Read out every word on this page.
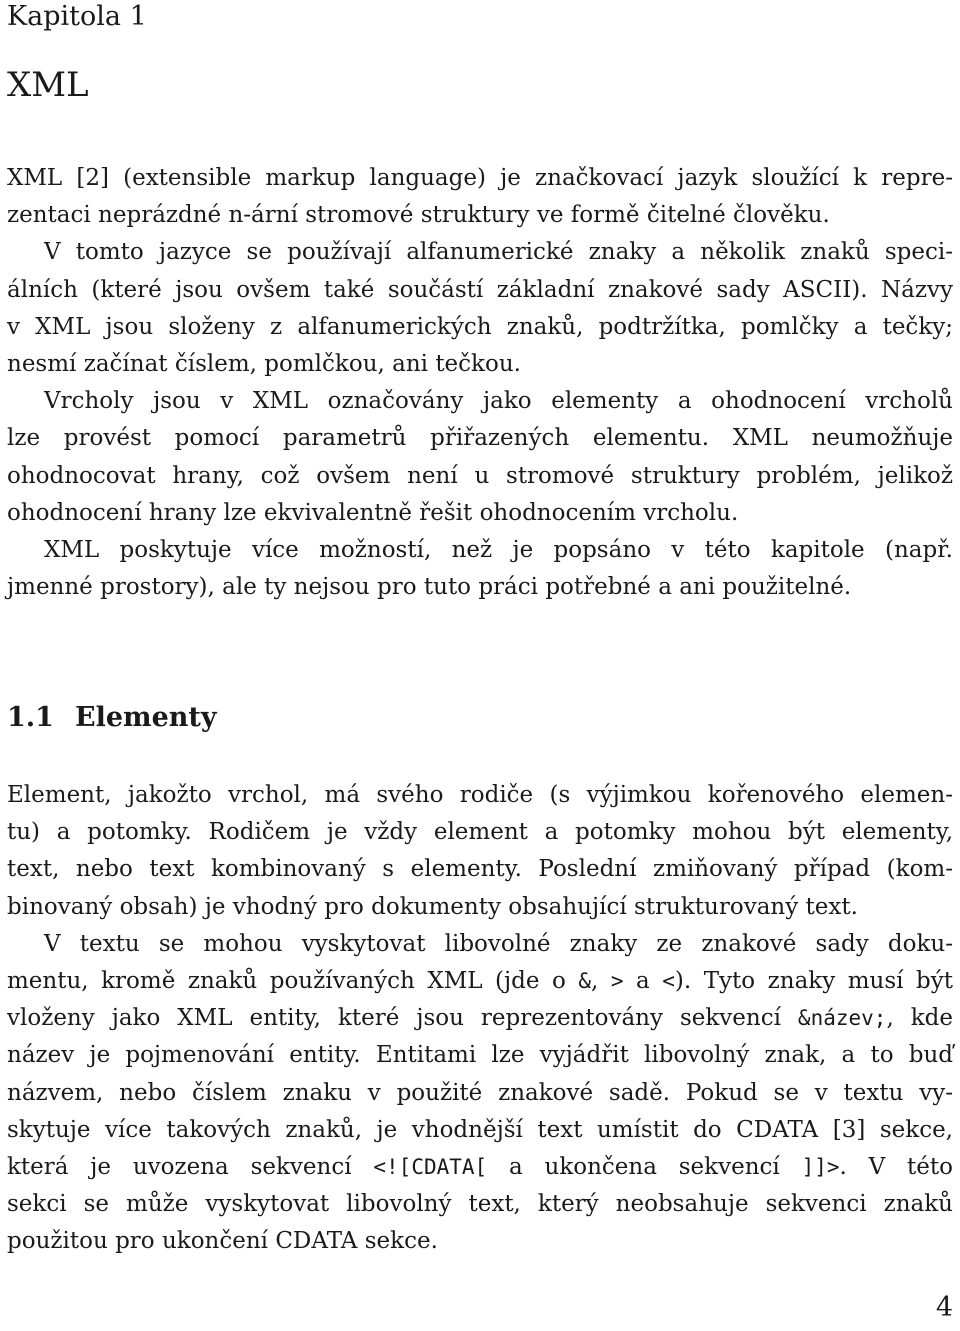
Kapitola 1
XML
XML [2] (extensible markup language) je značkovací jazyk sloužící k repre-
zentaci neprázdné n-ární stromové struktury ve formě čitelné člověku.
V tomto jazyce se používají alfanumerické znaky a několik znaků speci-
álních (které jsou ovšem také součástí základní znakové sady ASCII). Názvy
v XML jsou složeny z alfanumerických znaků, podtržítka, pomlčky a tečky;
nesmí začínat číslem, pomlčkou, ani tečkou.
Vrcholy jsou v XML označovány jako elementy a ohodnocení vrcholů
lze provést pomocí parametrů přiřazených elementu. XML neumožňuje
ohodnocovat hrany, což ovšem není u stromové struktury problém, jelikož
ohodnocení hrany lze ekvivalentně řešit ohodnocením vrcholu.
XML poskytuje více možností, než je popsáno v této kapitole (např.
jmenné prostory), ale ty nejsou pro tuto práci potřebné a ani použitelné.
1.1 Elementy
Element, jakožto vrchol, má svého rodiče (s výjimkou kořenového elemen-
tu) a potomky. Rodičem je vždy element a potomky mohou být elementy,
text, nebo text kombinovaný s elementy. Poslední zmiňovaný případ (kom-
binovaný obsah) je vhodný pro dokumenty obsahující strukturovaný text.
V textu se mohou vyskytovat libovolné znaky ze znakové sady doku-
mentu, kromě znaků používaných XML (jde o &, > a <). Tyto znaky musí být
vloženy jako XML entity, které jsou reprezentovány sekvencí &název;, kde
název je pojmenování entity. Entitami lze vyjádřit libovolný znak, a to buď
názvem, nebo číslem znaku v použité znakové sadě. Pokud se v textu vy-
skytuje více takových znaků, je vhodnější text umístit do CDATA [3] sekce,
která je uvozena sekvencí <![CDATA[ a ukončena sekvencí ]]>. V této
sekci se může vyskytovat libovolný text, který neobsahuje sekvenci znaků
použitou pro ukončení CDATA sekce.
4
